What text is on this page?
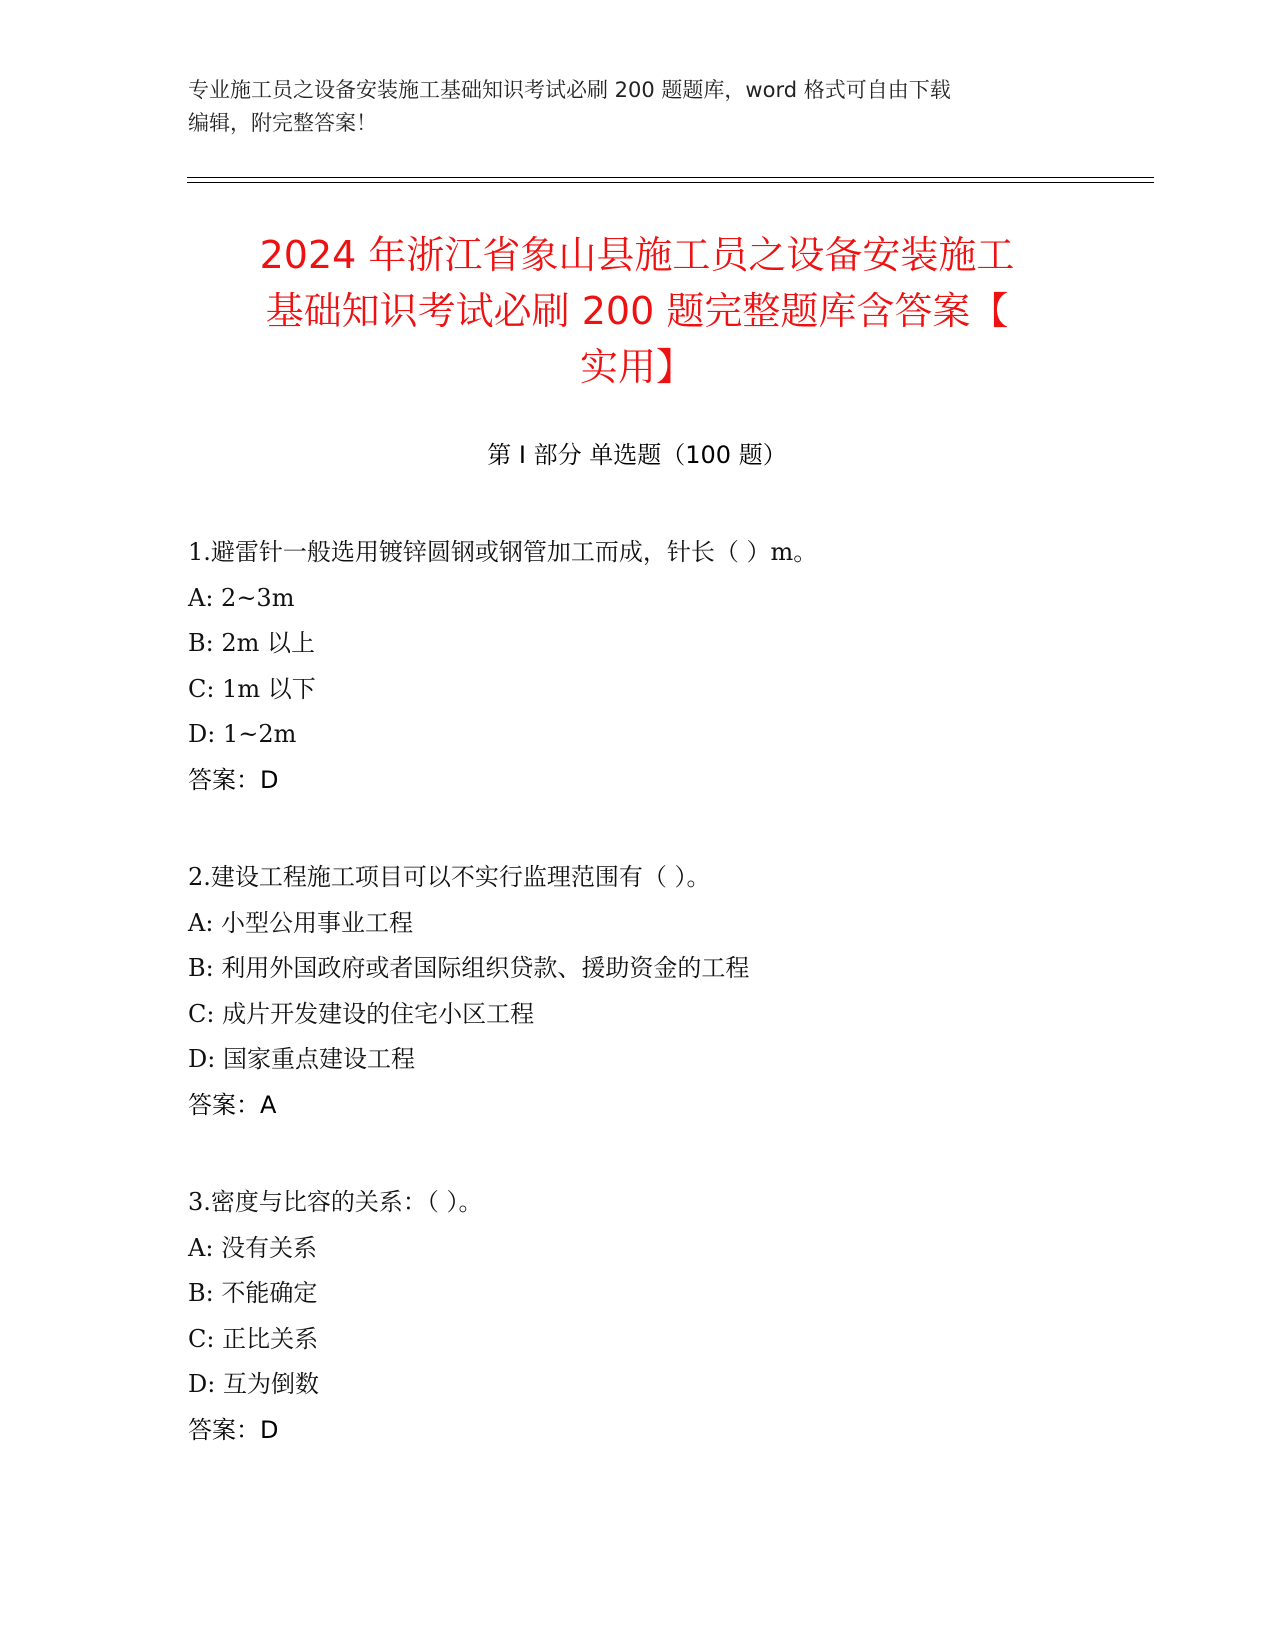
专业施工员之设备安装施工基础知识考试必刷 200 题题库，word 格式可自由下载
编辑，附完整答案！
2024 年浙江省象山县施工员之设备安装施工
基础知识考试必刷 200 题完整题库含答案【
实用】
第 I 部分 单选题（100 题）
1.避雷针一般选用镀锌圆钢或钢管加工而成，针长（ ）m。
A: 2~3m
B: 2m 以上
C: 1m 以下
D: 1~2m
答案：D
2.建设工程施工项目可以不实行监理范围有（ ）。
A: 小型公用事业工程
B: 利用外国政府或者国际组织贷款、援助资金的工程
C: 成片开发建设的住宅小区工程
D: 国家重点建设工程
答案：A
3.密度与比容的关系：（ ）。
A: 没有关系
B: 不能确定
C: 正比关系
D: 互为倒数
答案：D
